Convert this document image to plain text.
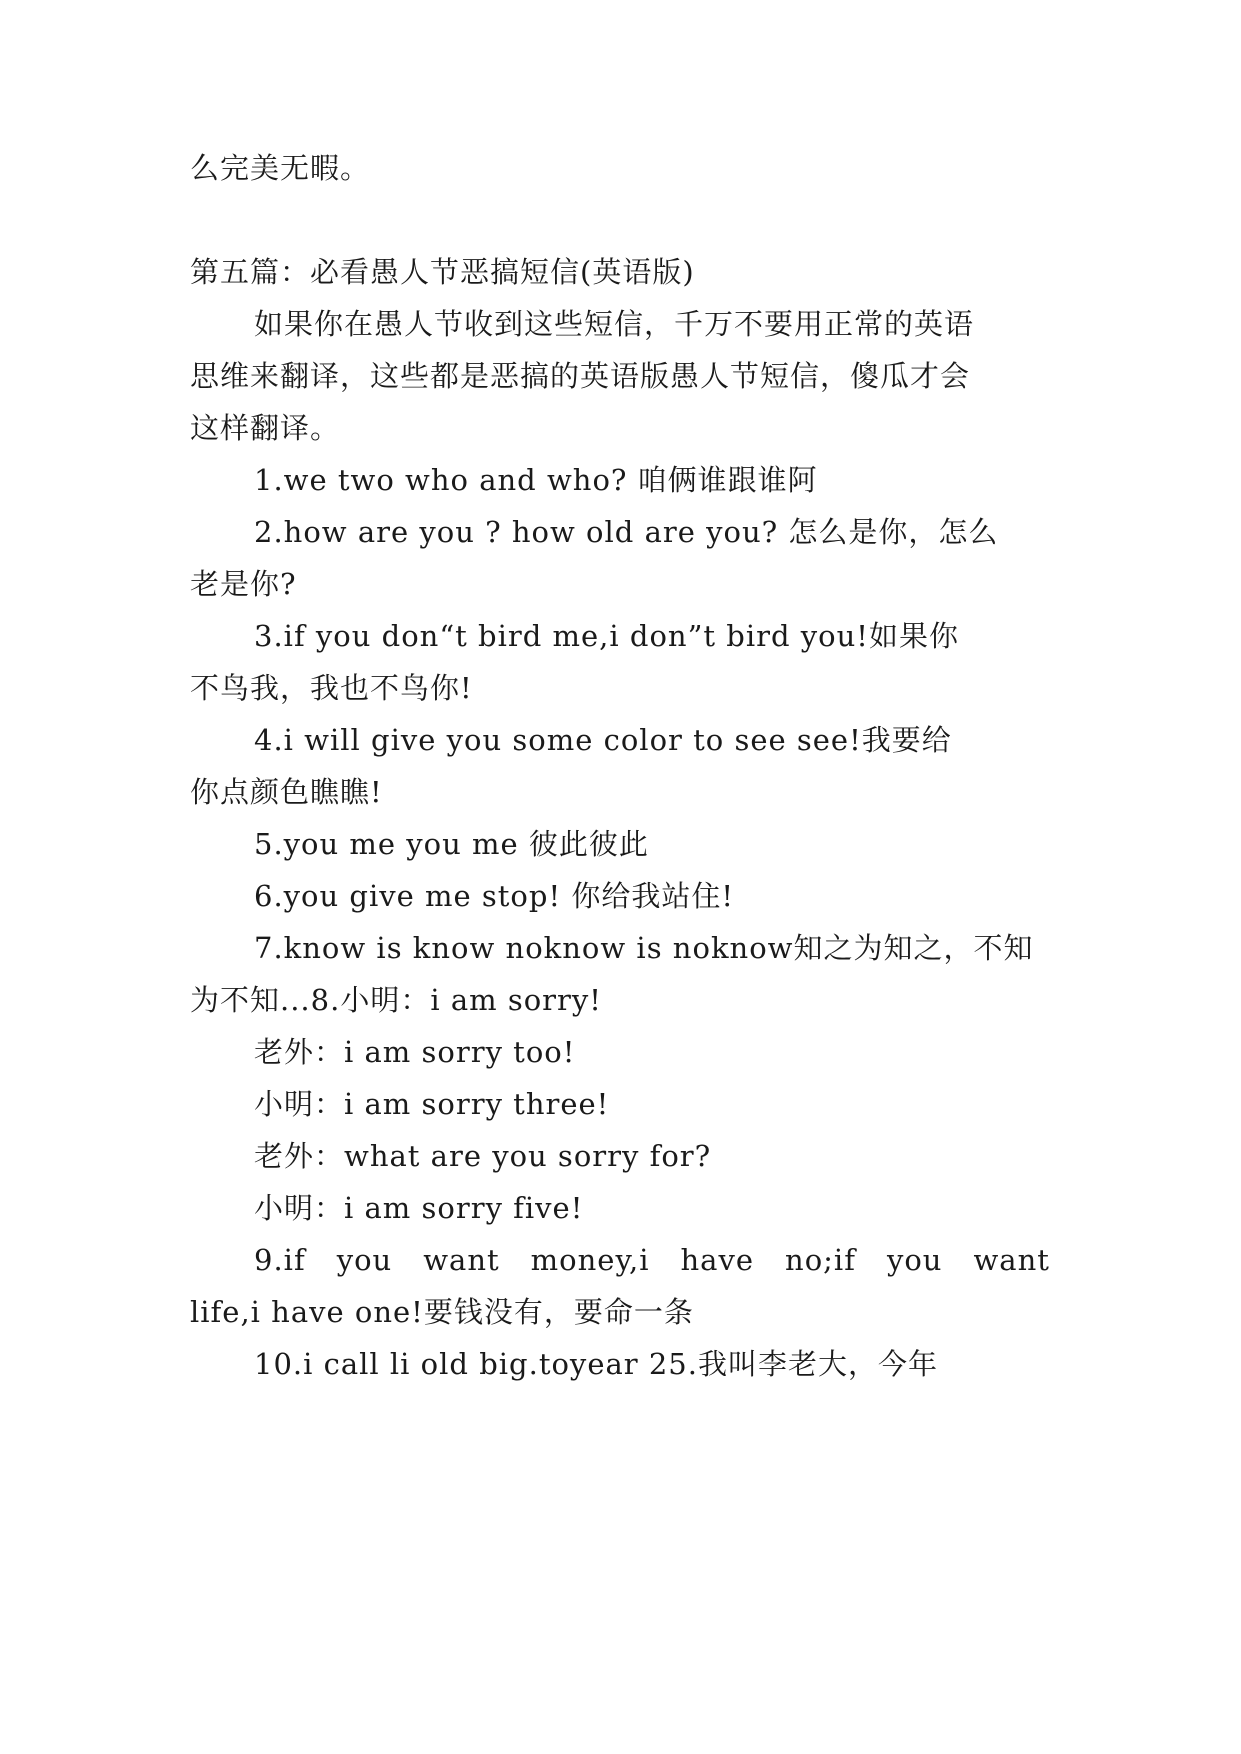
么完美无暇。
第五篇：必看愚人节恶搞短信(英语版)
如果你在愚人节收到这些短信，千万不要用正常的英语
思维来翻译，这些都是恶搞的英语版愚人节短信，傻瓜才会
这样翻译。
1.we two who and who? 咱俩谁跟谁阿
2.how are you ? how old are you? 怎么是你，怎么
老是你?
3.if you don“t bird me,i don”t bird you!如果你
不鸟我，我也不鸟你!
4.i will give you some color to see see!我要给
你点颜色瞧瞧!
5.you me you me 彼此彼此
6.you give me stop! 你给我站住!
7.know is know noknow is noknow知之为知之，不知
为不知...8.小明：i am sorry!
老外：i am sorry too!
小明：i am sorry three!
老外：what are you sorry for?
小明：i am sorry five!
9.if you want money,i have no;if you want
life,i have one!要钱没有，要命一条
10.i call li old big.toyear 25.我叫李老大，今年
